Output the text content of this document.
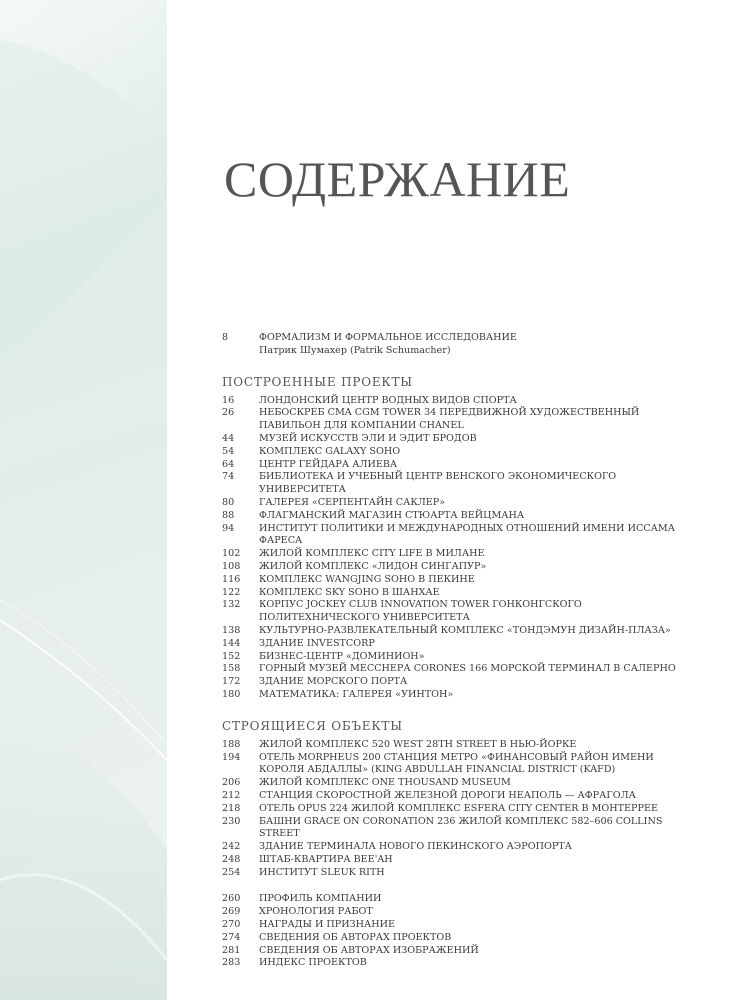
СОДЕРЖАНИЕ
8	ФОРМАЛИЗМ И ФОРМАЛЬНОЕ ИССЛЕДОВАНИЕ
Патрик Шумахер (Patrik Schumacher)
ПОСТРОЕННЫЕ ПРОЕКТЫ
16	ЛОНДОНСКИЙ ЦЕНТР ВОДНЫХ ВИДОВ СПОРТА
26	НЕБОСКРЕБ CMA CGM TOWER 34 ПЕРЕДВИЖНОЙ ХУДОЖЕСТВЕННЫЙ ПАВИЛЬОН ДЛЯ КОМПАНИИ CHANEL
44	МУЗЕЙ ИСКУССТВ ЭЛИ И ЭДИТ БРОДОВ
54	КОМПЛЕКС GALAXY SOHO
64	ЦЕНТР ГЕЙДАРА АЛИЕВА
74	БИБЛИОТЕКА И УЧЕБНЫЙ ЦЕНТР ВЕНСКОГО ЭКОНОМИЧЕСКОГО УНИВЕРСИТЕТА
80	ГАЛЕРЕЯ «СЕРПЕНТАЙН САКЛЕР»
88	ФЛАГМАНСКИЙ МАГАЗИН СТЮАРТА ВЕЙЦМАНА
94	ИНСТИТУТ ПОЛИТИКИ И МЕЖДУНАРОДНЫХ ОТНОШЕНИЙ ИМЕНИ ИССАМА ФАРЕСА
102	ЖИЛОЙ КОМПЛЕКС CITY LIFE В МИЛАНЕ
108	ЖИЛОЙ КОМПЛЕКС «ЛИДОН СИНГАПУР»
116	КОМПЛЕКС WANGJING SOHO В ПЕКИНЕ
122	КОМПЛЕКС SKY SOHO В ШАНХАЕ
132	КОРПУС JOCKEY CLUB INNOVATION TOWER ГОНКОНГСКОГО ПОЛИТЕХНИЧЕСКОГО УНИВЕРСИТЕТА
138	КУЛЬТУРНО-РАЗВЛЕКАТЕЛЬНЫЙ КОМПЛЕКС «ТОНДЭМУН ДИЗАЙН-ПЛАЗА»
144	ЗДАНИЕ INVESTCORP
152	БИЗНЕС-ЦЕНТР «ДОМИНИОН»
158	ГОРНЫЙ МУЗЕЙ МЕССНЕРА CORONES 166 МОРСКОЙ ТЕРМИНАЛ В САЛЕРНО
172	ЗДАНИЕ МОРСКОГО ПОРТА
180	МАТЕМАТИКА: ГАЛЕРЕЯ «УИНТОН»
СТРОЯЩИЕСЯ ОБЪЕКТЫ
188	ЖИЛОЙ КОМПЛЕКС 520 WEST 28TH STREET В НЬЮ-ЙОРКЕ
194	ОТЕЛЬ MORPHEUS 200 СТАНЦИЯ МЕТРО «ФИНАНСОВЫЙ РАЙОН ИМЕНИ КОРОЛЯ АБДАЛЛЫ» (KING ABDULLAH FINANCIAL DISTRICT (KAFD)
206	ЖИЛОЙ КОМПЛЕКС ONE THOUSAND MUSEUM
212	СТАНЦИЯ СКОРОСТНОЙ ЖЕЛЕЗНОЙ ДОРОГИ НЕАПОЛЬ — АФРАГОЛА
218	ОТЕЛЬ OPUS 224 ЖИЛОЙ КОМПЛЕКС ESFERA CITY CENTER В МОНТЕРРЕЕ
230	БАШНИ GRACE ON CORONATION 236 ЖИЛОЙ КОМПЛЕКС 582–606 COLLINS STREET
242	ЗДАНИЕ ТЕРМИНАЛА НОВОГО ПЕКИНСКОГО АЭРОПОРТА
248	ШТАБ-КВАРТИРА BEE'AH
254	ИНСТИТУТ SLEUK RITH
260	ПРОФИЛЬ КОМПАНИИ
269	ХРОНОЛОГИЯ РАБОТ
270	НАГРАДЫ И ПРИЗНАНИЕ
274	СВЕДЕНИЯ ОБ АВТОРАХ ПРОЕКТОВ
281	СВЕДЕНИЯ ОБ АВТОРАХ ИЗОБРАЖЕНИЙ
283	ИНДЕКС ПРОЕКТОВ
